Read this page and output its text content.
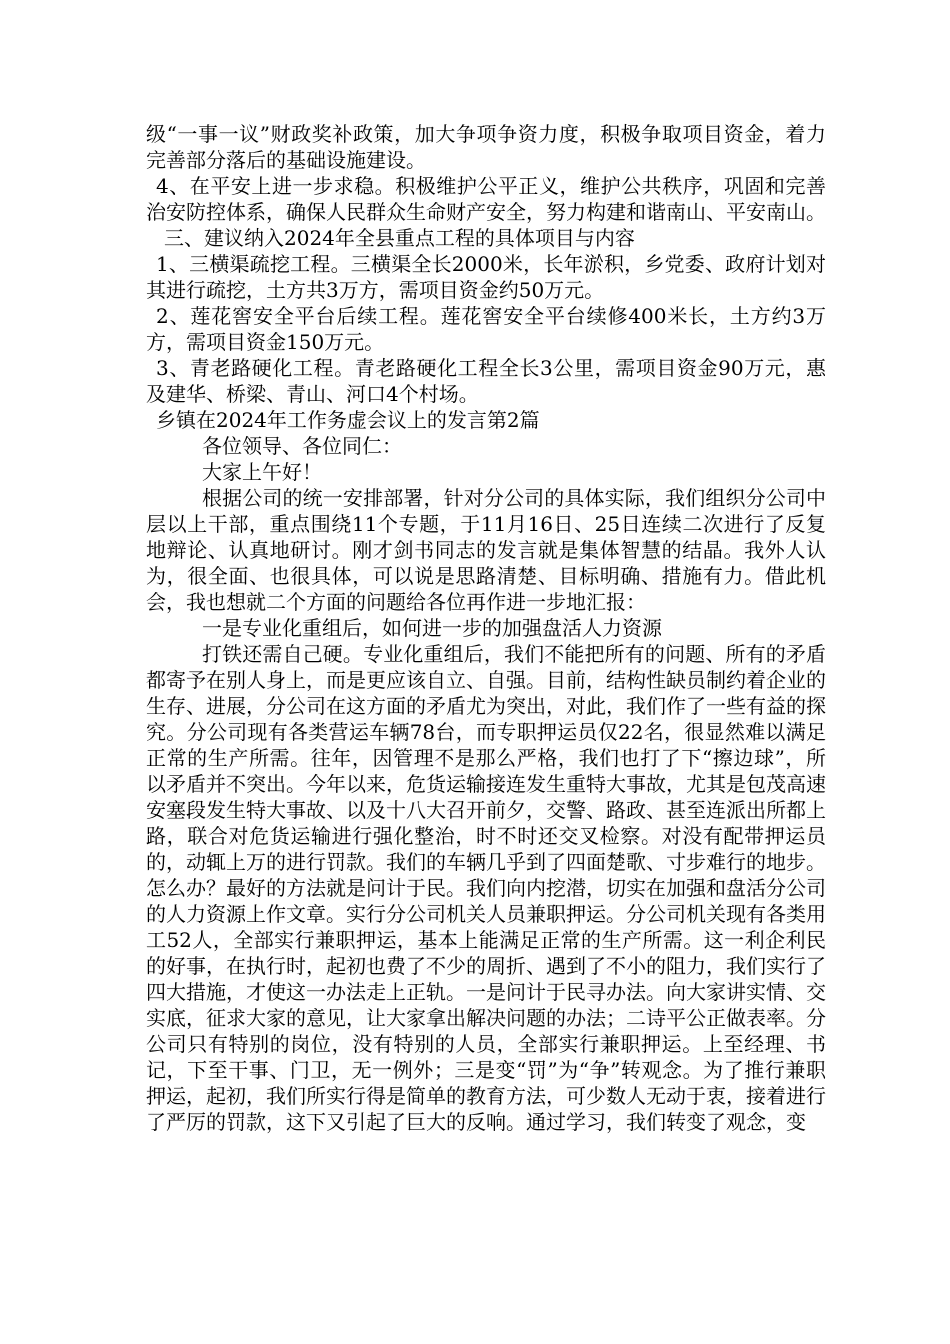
级“一事一议”财政奖补政策，加大争项争资力度，积极争取项目资金，着力完善部分落后的基础设施建设。

4、在平安上进一步求稳。积极维护公平正义，维护公共秩序，巩固和完善治安防控体系，确保人民群众生命财产安全，努力构建和谐南山、平安南山。

三、建议纳入2024年全县重点工程的具体项目与内容

1、三横渠疏挖工程。三横渠全长2000米，长年淤积，乡党委、政府计划对其进行疏挖，土方共3万方，需项目资金约50万元。

2、莲花窖安全平台后续工程。莲花窖安全平台续修400米长，土方约3万方，需项目资金150万元。

3、青老路硬化工程。青老路硬化工程全长3公里，需项目资金90万元，惠及建华、桥梁、青山、河口4个村场。

乡镇在2024年工作务虚会议上的发言第2篇

各位领导、各位同仁：

大家上午好！

根据公司的统一安排部署，针对分公司的具体实际，我们组织分公司中层以上干部，重点围绕11个专题，于11月16日、25日连续二次进行了反复地辩论、认真地研讨。刚才剑书同志的发言就是集体智慧的结晶。我外人认为，很全面、也很具体，可以说是思路清楚、目标明确、措施有力。借此机会，我也想就二个方面的问题给各位再作进一步地汇报：

一是专业化重组后，如何进一步的加强盘活人力资源

打铁还需自己硬。专业化重组后，我们不能把所有的问题、所有的矛盾都寄予在别人身上，而是更应该自立、自强。目前，结构性缺员制约着企业的生存、进展，分公司在这方面的矛盾尤为突出，对此，我们作了一些有益的探究。分公司现有各类营运车辆78台，而专职押运员仅22名，很显然难以满足正常的生产所需。往年，因管理不是那么严格，我们也打了下“擦边球”，所以矛盾并不突出。今年以来，危货运输接连发生重特大事故，尤其是包茂高速安塞段发生特大事故、以及十八大召开前夕，交警、路政、甚至连派出所都上路，联合对危货运输进行强化整治，时不时还交叉检察。对没有配带押运员的，动辄上万的进行罚款。我们的车辆几乎到了四面楚歌、寸步难行的地步。怎么办？最好的方法就是问计于民。我们向内挖潜，切实在加强和盘活分公司的人力资源上作文章。实行分公司机关人员兼职押运。分公司机关现有各类用工52人，全部实行兼职押运，基本上能满足正常的生产所需。这一利企利民的好事，在执行时，起初也费了不少的周折、遇到了不小的阻力，我们实行了四大措施，才使这一办法走上正轨。一是问计于民寻办法。向大家讲实情、交实底，征求大家的意见，让大家拿出解决问题的办法；二诗平公正做表率。分公司只有特别的岗位，没有特别的人员，全部实行兼职押运。上至经理、书记，下至干事、门卫，无一例外；三是变“罚”为“争”转观念。为了推行兼职押运，起初，我们所实行得是简单的教育方法，可少数人无动于衷，接着进行了严厉的罚款，这下又引起了巨大的反响。通过学习，我们转变了观念，变
